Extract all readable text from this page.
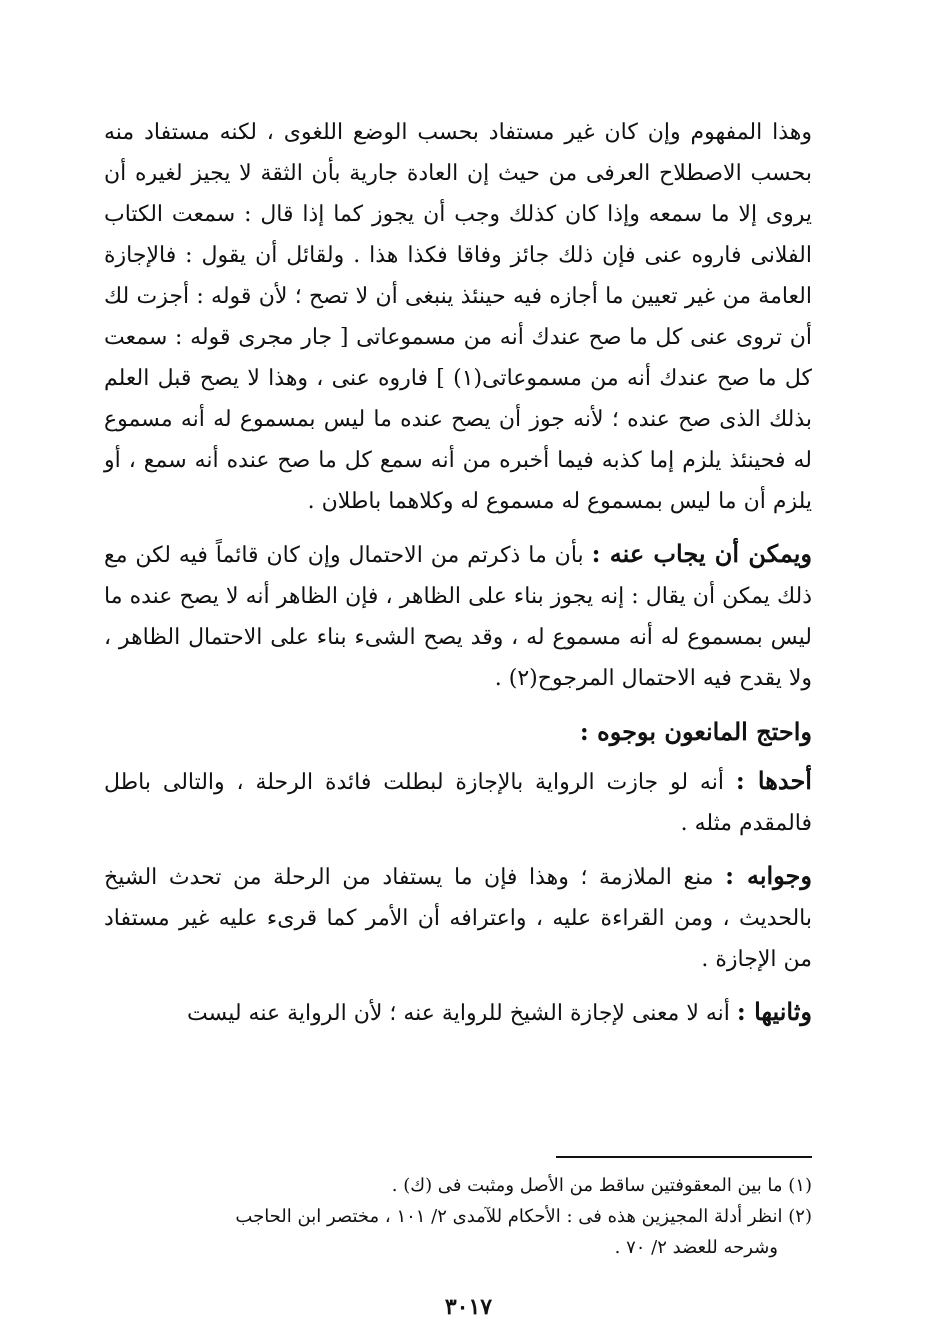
وهذا المفهوم وإن كان غير مستفاد بحسب الوضع اللغوى ، لكنه مستفاد منه بحسب الاصطلاح العرفى من حيث إن العادة جارية بأن الثقة لا يجيز لغيره أن يروى إلا ما سمعه وإذا كان كذلك وجب أن يجوز كما إذا قال : سمعت الكتاب الفلانى فاروه عنى فإن ذلك جائز وفاقا فكذا هذا . ولقائل أن يقول : فالإجازة العامة من غير تعيين ما أجازه فيه حينئذ ينبغى أن لا تصح ؛ لأن قوله : أجزت لك أن تروى عنى كل ما صح عندك أنه من مسموعاتى [ جار مجرى قوله : سمعت كل ما صح عندك أنه من مسموعاتى(١) ] فاروه عنى ، وهذا لا يصح قبل العلم بذلك الذى صح عنده ؛ لأنه جوز أن يصح عنده ما ليس بمسموع له أنه مسموع له فحينئذ يلزم إما كذبه فيما أخبره من أنه سمع كل ما صح عنده أنه سمع ، أو يلزم أن ما ليس بمسموع له مسموع له وكلاهما باطلان .

ويمكن أن يجاب عنه : بأن ما ذكرتم من الاحتمال وإن كان قائماً فيه لكن مع ذلك يمكن أن يقال : إنه يجوز بناء على الظاهر ، فإن الظاهر أنه لا يصح عنده ما ليس بمسموع له أنه مسموع له ، وقد يصح الشىء بناء على الاحتمال الظاهر ، ولا يقدح فيه الاحتمال المرجوح(٢) .

واحتج المانعون بوجوه :

أحدها : أنه لو جازت الرواية بالإجازة لبطلت فائدة الرحلة ، والتالى باطل فالمقدم مثله .

وجوابه : منع الملازمة ؛ وهذا فإن ما يستفاد من الرحلة من تحدث الشيخ بالحديث ، ومن القراءة عليه ، واعترافه أن الأمر كما قرىء عليه غير مستفاد من الإجازة .

وثانيها : أنه لا معنى لإجازة الشيخ للرواية عنه ؛ لأن الرواية عنه ليست

(١) ما بين المعقوفتين ساقط من الأصل ومثبت فى (ك) .

(٢) انظر أدلة المجيزين هذه فى : الأحكام للآمدى ٢/ ١٠١ ، مختصر ابن الحاجب

وشرحه للعضد ٢/ ٧٠ .

٣٠١٧
